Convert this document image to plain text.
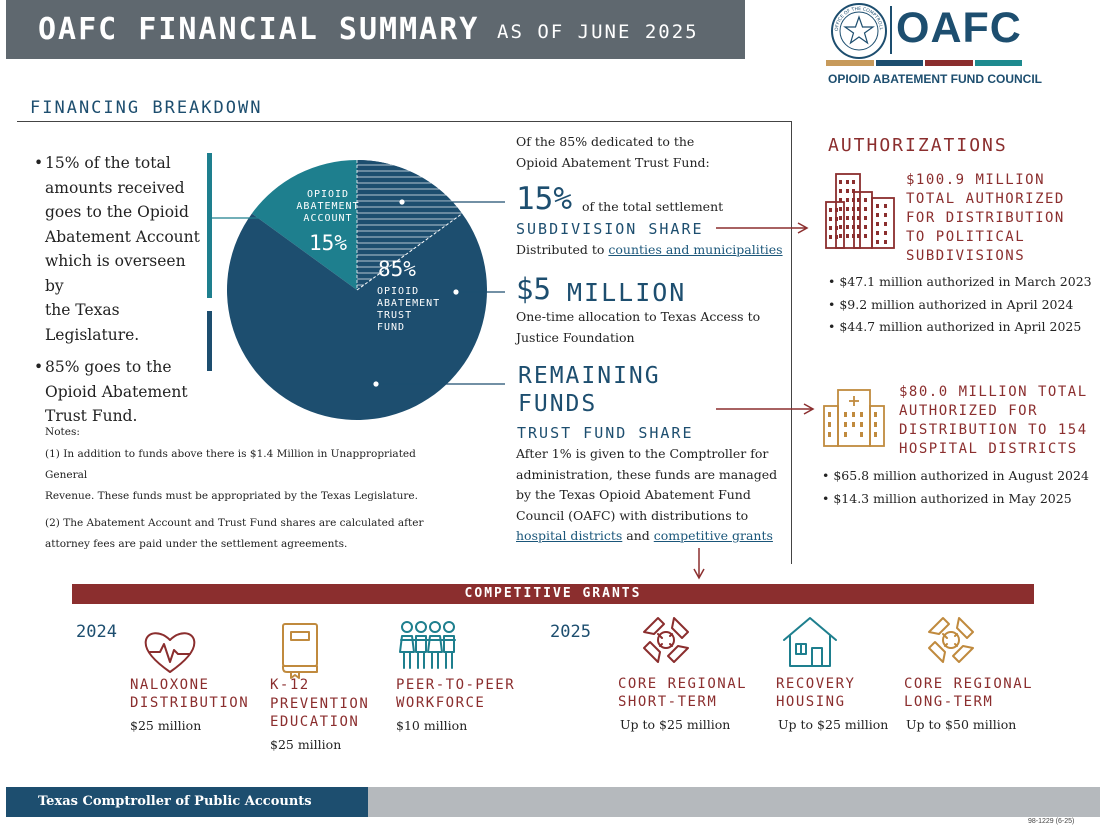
OAFC FINANCIAL SUMMARY AS OF JUNE 2025	OFFICE OF THE COMPTROLL OAFC
OPIOID ABATEMENT FUND COUNCIL
FINANCING BREAKDOWN
• 15% of the total
amounts received
goes to the Opioid
Abatement Account
which is overseen by
the Texas Legislature.
• 85% goes to the
Opioid Abatement
Trust Fund.
OPIOID
ABATEMENT
ACCOUNT
15%
85%
OPIOID
ABATEMENT
TRUST
FUND
Notes:
(1) In addition to funds above there is $1.4 Million in Unappropriated General
Revenue. These funds must be appropriated by the Texas Legislature.
(2) The Abatement Account and Trust Fund shares are calculated after
attorney fees are paid under the settlement agreements.
Of the 85% dedicated to the
Opioid Abatement Trust Fund:
15% of the total settlement
SUBDIVISION SHARE
Distributed to counties and municipalities
$5 MILLION
One-time allocation to Texas Access to
Justice Foundation
REMAINING
FUNDS
TRUST FUND SHARE
After 1% is given to the Comptroller for
administration, these funds are managed
by the Texas Opioid Abatement Fund
Council (OAFC) with distributions to
hospital districts and competitive grants
AUTHORIZATIONS
$100.9 MILLION
TOTAL AUTHORIZED
FOR DISTRIBUTION
TO POLITICAL
SUBDIVISIONS
• $47.1 million authorized in March 2023
• $9.2 million authorized in April 2024
• $44.7 million authorized in April 2025
$80.0 MILLION TOTAL
AUTHORIZED FOR
DISTRIBUTION TO 154
HOSPITAL DISTRICTS
• $65.8 million authorized in August 2024
• $14.3 million authorized in May 2025
COMPETITIVE GRANTS
2024	2025
NALOXONE
DISTRIBUTION
$25 million
K-12
PREVENTION
EDUCATION
$25 million
PEER-TO-PEER
WORKFORCE
$10 million
CORE REGIONAL
SHORT-TERM
Up to $25 million
RECOVERY
HOUSING
Up to $25 million
CORE REGIONAL
LONG-TERM
Up to $50 million
Texas Comptroller of Public Accounts
98-1229 (6-25)
